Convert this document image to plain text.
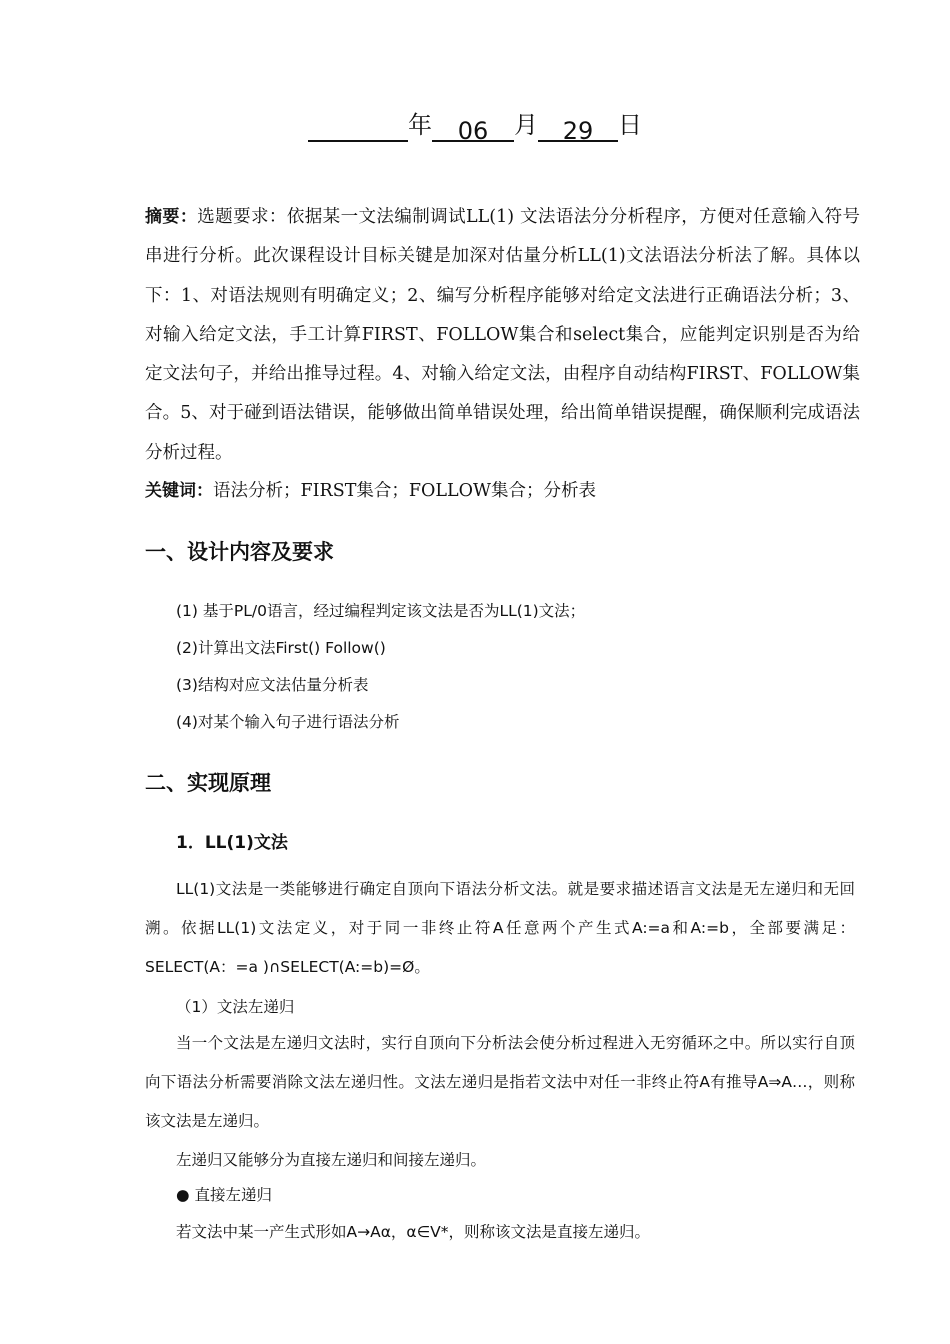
年 06 月 29 日
摘要：选题要求：依据某一文法编制调试LL(1) 文法语法分分析程序，方便对任意输入符号串进行分析。此次课程设计目标关键是加深对估量分析LL(1)文法语法分析法了解。具体以下：1、对语法规则有明确定义；2、编写分析程序能够对给定文法进行正确语法分析；3、对输入给定文法，手工计算FIRST、FOLLOW集合和select集合，应能判定识别是否为给定文法句子，并给出推导过程。4、对输入给定文法，由程序自动结构FIRST、FOLLOW集合。5、对于碰到语法错误，能够做出简单错误处理，给出简单错误提醒，确保顺利完成语法分析过程。
关键词：语法分析；FIRST集合；FOLLOW集合；分析表
一、设计内容及要求
(1) 基于PL/0语言，经过编程判定该文法是否为LL(1)文法；
(2)计算出文法First() Follow()
(3)结构对应文法估量分析表
(4)对某个输入句子进行语法分析
二、实现原理
1．LL(1)文法
LL(1)文法是一类能够进行确定自顶向下语法分析文法。就是要求描述语言文法是无左递归和无回溯。依据LL(1)文法定义，对于同一非终止符A任意两个产生式A:=a和A:=b，全部要满足：SELECT(A：=a )∩SELECT(A:=b)=Ø。
（1）文法左递归
当一个文法是左递归文法时，实行自顶向下分析法会使分析过程进入无穷循环之中。所以实行自顶向下语法分析需要消除文法左递归性。文法左递归是指若文法中对任一非终止符A有推导A⇒A…，则称该文法是左递归。
左递归又能够分为直接左递归和间接左递归。
● 直接左递归
若文法中某一产生式形如A→Aα，α∈V*，则称该文法是直接左递归。
